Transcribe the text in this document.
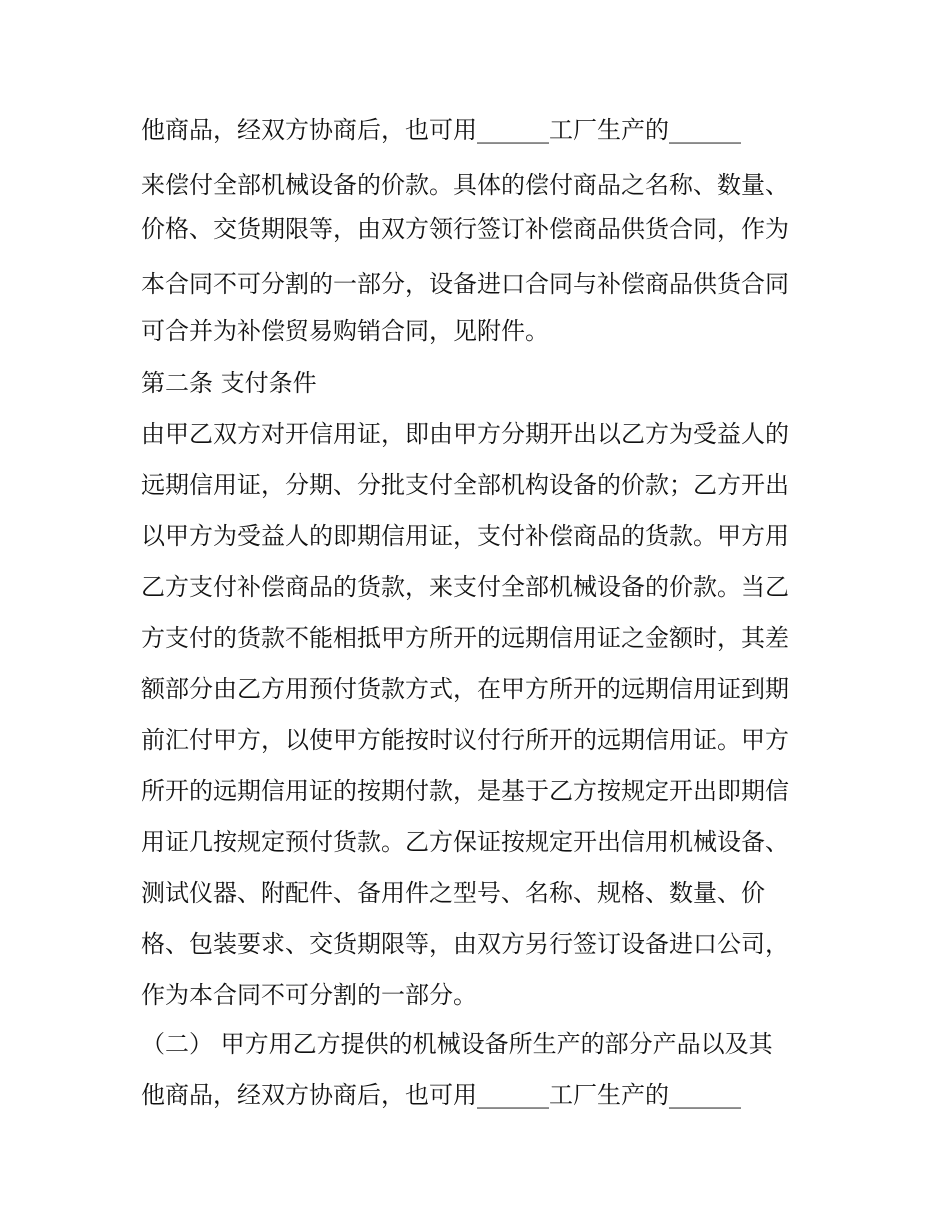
他商品，经双方协商后，也可用______工厂生产的______
来偿付全部机械设备的价款。具体的偿付商品之名称、数量、
价格、交货期限等，由双方领行签订补偿商品供货合同，作为
本合同不可分割的一部分，设备进口合同与补偿商品供货合同
可合并为补偿贸易购销合同，见附件。
第二条 支付条件
由甲乙双方对开信用证，即由甲方分期开出以乙方为受益人的
远期信用证，分期、分批支付全部机构设备的价款；乙方开出
以甲方为受益人的即期信用证，支付补偿商品的货款。甲方用
乙方支付补偿商品的货款，来支付全部机械设备的价款。当乙
方支付的货款不能相抵甲方所开的远期信用证之金额时，其差
额部分由乙方用预付货款方式，在甲方所开的远期信用证到期
前汇付甲方，以使甲方能按时议付行所开的远期信用证。甲方
所开的远期信用证的按期付款，是基于乙方按规定开出即期信
用证几按规定预付货款。乙方保证按规定开出信用机械设备、
测试仪器、附配件、备用件之型号、名称、规格、数量、价
格、包装要求、交货期限等，由双方另行签订设备进口公司，
作为本合同不可分割的一部分。
（二） 甲方用乙方提供的机械设备所生产的部分产品以及其
他商品，经双方协商后，也可用______工厂生产的______
